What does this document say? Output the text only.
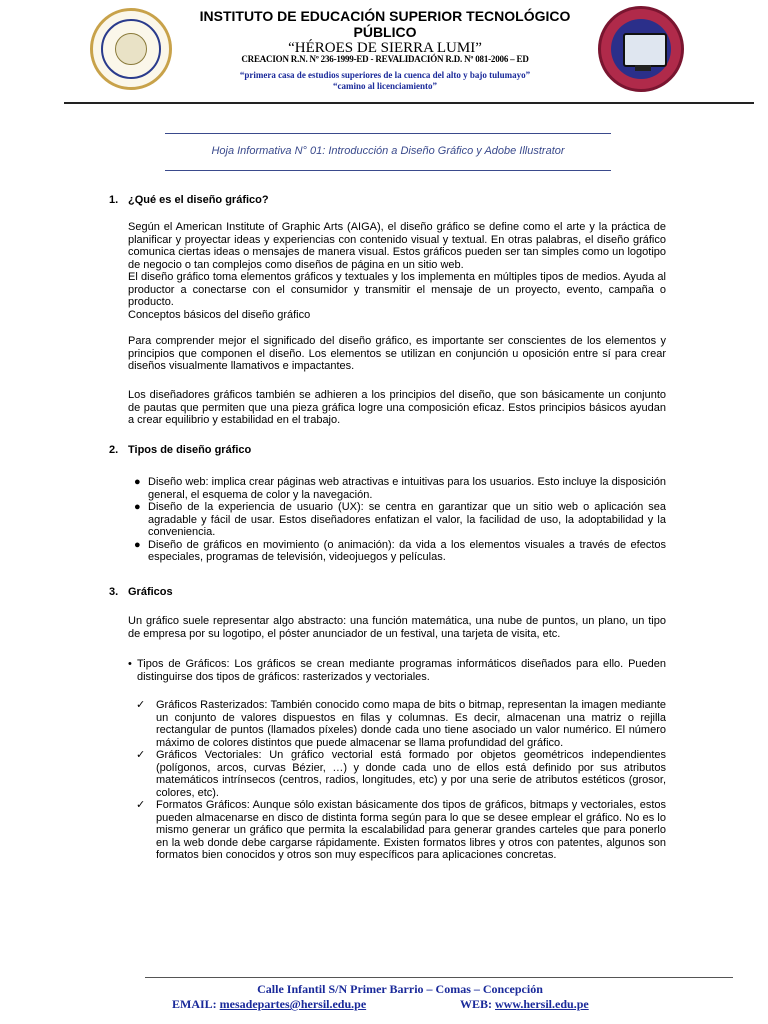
INSTITUTO DE EDUCACIÓN SUPERIOR TECNOLÓGICO
PÚBLICO
“HÉROES DE SIERRA LUMI”
CREACION R.N. Nº 236-1999-ED - REVALIDACIÓN R.D. Nº 081-2006 – ED
“primera casa de estudios superiores de la cuenca del alto y bajo tulumayo”
“camino al licenciamiento”
Hoja Informativa N° 01: Introducción a Diseño Gráfico y Adobe Illustrator
1. ¿Qué es el diseño gráfico?
Según el American Institute of Graphic Arts (AIGA), el diseño gráfico se define como el arte y la práctica de planificar y proyectar ideas y experiencias con contenido visual y textual. En otras palabras, el diseño gráfico comunica ciertas ideas o mensajes de manera visual. Estos gráficos pueden ser tan simples como un logotipo de negocio o tan complejos como diseños de página en un sitio web.
El diseño gráfico toma elementos gráficos y textuales y los implementa en múltiples tipos de medios. Ayuda al productor a conectarse con el consumidor y transmitir el mensaje de un proyecto, evento, campaña o producto.
Conceptos básicos del diseño gráfico
Para comprender mejor el significado del diseño gráfico, es importante ser conscientes de los elementos y principios que componen el diseño. Los elementos se utilizan en conjunción u oposición entre sí para crear diseños visualmente llamativos e impactantes.
Los diseñadores gráficos también se adhieren a los principios del diseño, que son básicamente un conjunto de pautas que permiten que una pieza gráfica logre una composición eficaz. Estos principios básicos ayudan a crear equilibrio y estabilidad en el trabajo.
2. Tipos de diseño gráfico
● Diseño web: implica crear páginas web atractivas e intuitivas para los usuarios. Esto incluye la disposición general, el esquema de color y la navegación.
● Diseño de la experiencia de usuario (UX): se centra en garantizar que un sitio web o aplicación sea agradable y fácil de usar. Estos diseñadores enfatizan el valor, la facilidad de uso, la adoptabilidad y la conveniencia.
● Diseño de gráficos en movimiento (o animación): da vida a los elementos visuales a través de efectos especiales, programas de televisión, videojuegos y películas.
3. Gráficos
Un gráfico suele representar algo abstracto: una función matemática, una nube de puntos, un plano, un tipo de empresa por su logotipo, el póster anunciador de un festival, una tarjeta de visita, etc.
• Tipos de Gráficos: Los gráficos se crean mediante programas informáticos diseñados para ello. Pueden distinguirse dos tipos de gráficos: rasterizados y vectoriales.
✓ Gráficos Rasterizados: También conocido como mapa de bits o bitmap, representan la imagen mediante un conjunto de valores dispuestos en filas y columnas. Es decir, almacenan una matriz o rejilla rectangular de puntos (llamados píxeles) donde cada uno tiene asociado un valor numérico. El número máximo de colores distintos que puede almacenar se llama profundidad del gráfico.
✓ Gráficos Vectoriales: Un gráfico vectorial está formado por objetos geométricos independientes (polígonos, arcos, curvas Bézier, …) y donde cada uno de ellos está definido por sus atributos matemáticos intrínsecos (centros, radios, longitudes, etc) y por una serie de atributos estéticos (grosor, colores, etc).
✓ Formatos Gráficos: Aunque sólo existan básicamente dos tipos de gráficos, bitmaps y vectoriales, estos pueden almacenarse en disco de distinta forma según para lo que se desee emplear el gráfico. No es lo mismo generar un gráfico que permita la escalabilidad para generar grandes carteles que para ponerlo en la web donde debe cargarse rápidamente. Existen formatos libres y otros con patentes, algunos son formatos bien conocidos y otros son muy específicos para aplicaciones concretas.
Calle Infantil S/N Primer Barrio – Comas – Concepción
EMAIL: mesadepartes@hersil.edu.pe	WEB: www.hersil.edu.pe
